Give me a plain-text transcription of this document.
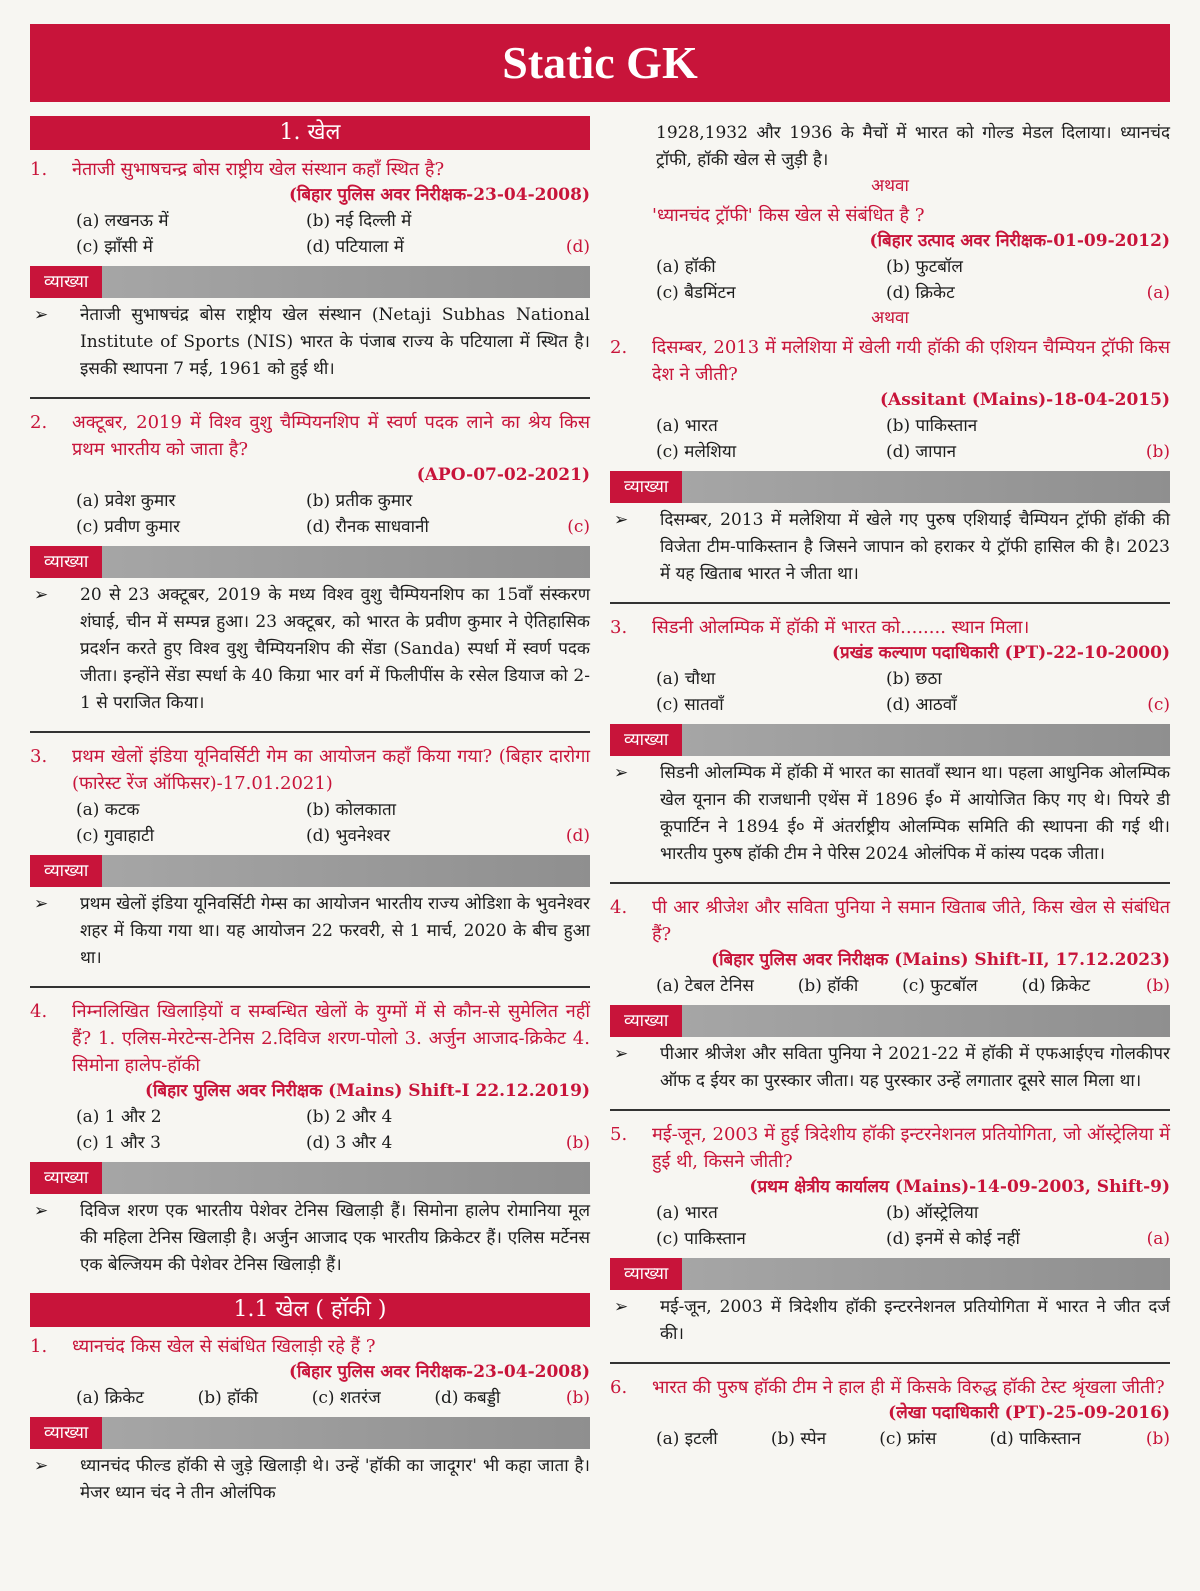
Static GK
1. खेल
1.	नेताजी सुभाषचन्द्र बोस राष्ट्रीय खेल संस्थान कहाँ स्थित है?
(बिहार पुलिस अवर निरीक्षक-23-04-2008)
(a) लखनऊ में	(b) नई दिल्ली में
(c) झाँसी में	(d) पटियाला में	(d)
व्याख्या
➢	नेताजी सुभाषचंद्र बोस राष्ट्रीय खेल संस्थान (Netaji Subhas National Institute of Sports (NIS) भारत के पंजाब राज्य के पटियाला में स्थित है। इसकी स्थापना 7 मई, 1961 को हुई थी।
2.	अक्टूबर, 2019 में विश्व वुशु चैम्पियनशिप में स्वर्ण पदक लाने का श्रेय किस प्रथम भारतीय को जाता है?
(APO-07-02-2021)
(a) प्रवेश कुमार	(b) प्रतीक कुमार
(c) प्रवीण कुमार	(d) रौनक साधवानी	(c)
व्याख्या
➢	20 से 23 अक्टूबर, 2019 के मध्य विश्व वुशु चैम्पियनशिप का 15वाँ संस्करण शंघाई, चीन में सम्पन्न हुआ। 23 अक्टूबर, को भारत के प्रवीण कुमार ने ऐतिहासिक प्रदर्शन करते हुए विश्व वुशु चैम्पियनशिप की सेंडा (Sanda) स्पर्धा में स्वर्ण पदक जीता। इन्होंने सेंडा स्पर्धा के 40 किग्रा भार वर्ग में फिलीपींस के रसेल डियाज को 2-1 से पराजित किया।
3.	प्रथम खेलों इंडिया यूनिवर्सिटी गेम का आयोजन कहाँ किया गया? (बिहार दारोगा (फारेस्ट रेंज ऑफिसर)-17.01.2021)
(a) कटक	(b) कोलकाता
(c) गुवाहाटी	(d) भुवनेश्वर	(d)
व्याख्या
➢	प्रथम खेलों इंडिया यूनिवर्सिटी गेम्स का आयोजन भारतीय राज्य ओडिशा के भुवनेश्वर शहर में किया गया था। यह आयोजन 22 फरवरी, से 1 मार्च, 2020 के बीच हुआ था।
4.	निम्नलिखित खिलाड़ियों व सम्बन्धित खेलों के युग्मों में से कौन-से सुमेलित नहीं हैं? 1. एलिस-मेरटेन्स-टेनिस 2.दिविज शरण-पोलो 3. अर्जुन आजाद-क्रिकेट 4. सिमोना हालेप-हॉकी
(बिहार पुलिस अवर निरीक्षक (Mains) Shift-I 22.12.2019)
(a) 1 और 2	(b) 2 और 4
(c) 1 और 3	(d) 3 और 4	(b)
व्याख्या
➢	दिविज शरण एक भारतीय पेशेवर टेनिस खिलाड़ी हैं। सिमोना हालेप रोमानिया मूल की महिला टेनिस खिलाड़ी है। अर्जुन आजाद एक भारतीय क्रिकेटर हैं। एलिस मर्टेनस एक बेल्जियम की पेशेवर टेनिस खिलाड़ी हैं।
1.1 खेल ( हॉकी )
1.	ध्यानचंद किस खेल से संबंधित खिलाड़ी रहे हैं ?
(बिहार पुलिस अवर निरीक्षक-23-04-2008)
(a) क्रिकेट	(b) हॉकी	(c) शतरंज	(d) कबड्डी	(b)
व्याख्या
➢	ध्यानचंद फील्ड हॉकी से जुड़े खिलाड़ी थे। उन्हें 'हॉकी का जादूगर' भी कहा जाता है। मेजर ध्यान चंद ने तीन ओलंपिक
1928,1932 और 1936 के मैचों में भारत को गोल्ड मेडल दिलाया। ध्यानचंद ट्रॉफी, हॉकी खेल से जुड़ी है।
अथवा
'ध्यानचंद ट्रॉफी' किस खेल से संबंधित है ?
(बिहार उत्पाद अवर निरीक्षक-01-09-2012)
(a) हॉकी	(b) फुटबॉल
(c) बैडमिंटन	(d) क्रिकेट	(a)
अथवा
2.	दिसम्बर, 2013 में मलेशिया में खेली गयी हॉकी की एशियन चैम्पियन ट्रॉफी किस देश ने जीती?
(Assitant (Mains)-18-04-2015)
(a) भारत	(b) पाकिस्तान
(c) मलेशिया	(d) जापान	(b)
व्याख्या
➢	दिसम्बर, 2013 में मलेशिया में खेले गए पुरुष एशियाई चैम्पियन ट्रॉफी हॉकी की विजेता टीम-पाकिस्तान है जिसने जापान को हराकर ये ट्रॉफी हासिल की है। 2023 में यह खिताब भारत ने जीता था।
3.	सिडनी ओलम्पिक में हॉकी में भारत को........ स्थान मिला।
(प्रखंड कल्याण पदाधिकारी (PT)-22-10-2000)
(a) चौथा	(b) छठा
(c) सातवाँ	(d) आठवाँ	(c)
व्याख्या
➢	सिडनी ओलम्पिक में हॉकी में भारत का सातवाँ स्थान था। पहला आधुनिक ओलम्पिक खेल यूनान की राजधानी एथेंस में 1896 ई० में आयोजित किए गए थे। पियरे डी कूपार्टिन ने 1894 ई० में अंतर्राष्ट्रीय ओलम्पिक समिति की स्थापना की गई थी। भारतीय पुरुष हॉकी टीम ने पेरिस 2024 ओलंपिक में कांस्य पदक जीता।
4.	पी आर श्रीजेश और सविता पुनिया ने समान खिताब जीते, किस खेल से संबंधित हैं?
(बिहार पुलिस अवर निरीक्षक (Mains) Shift-II, 17.12.2023)
(a) टेबल टेनिस	(b) हॉकी	(c) फुटबॉल	(d) क्रिकेट	(b)
व्याख्या
➢	पीआर श्रीजेश और सविता पुनिया ने 2021-22 में हॉकी में एफआईएच गोलकीपर ऑफ द ईयर का पुरस्कार जीता। यह पुरस्कार उन्हें लगातार दूसरे साल मिला था।
5.	मई-जून, 2003 में हुई त्रिदेशीय हॉकी इन्टरनेशनल प्रतियोगिता, जो ऑस्ट्रेलिया में हुई थी, किसने जीती?
(प्रथम क्षेत्रीय कार्यालय (Mains)-14-09-2003, Shift-9)
(a) भारत	(b) ऑस्ट्रेलिया
(c) पाकिस्तान	(d) इनमें से कोई नहीं	(a)
व्याख्या
➢	मई-जून, 2003 में त्रिदेशीय हॉकी इन्टरनेशनल प्रतियोगिता में भारत ने जीत दर्ज की।
6.	भारत की पुरुष हॉकी टीम ने हाल ही में किसके विरुद्ध हॉकी टेस्ट श्रृंखला जीती?
(लेखा पदाधिकारी (PT)-25-09-2016)
(a) इटली	(b) स्पेन	(c) फ्रांस	(d) पाकिस्तान	(b)
